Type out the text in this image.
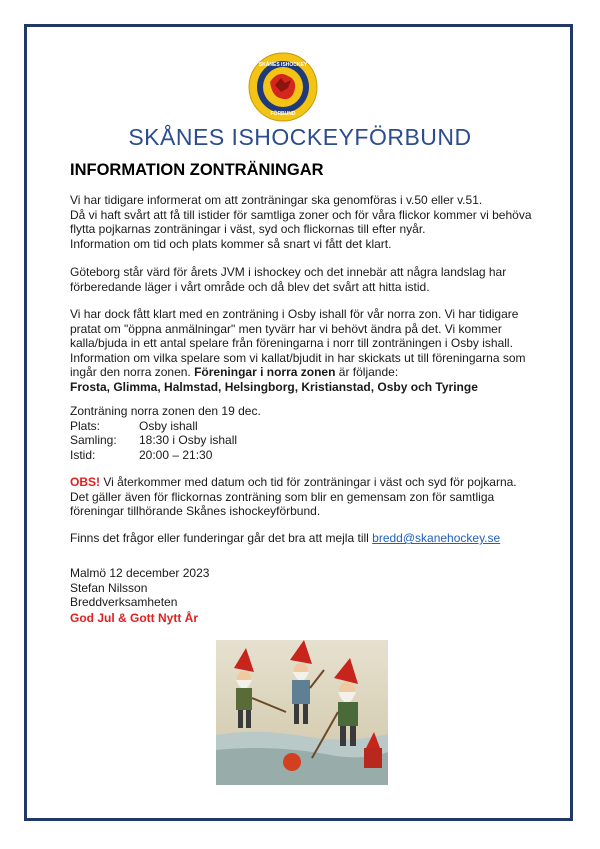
SKÅNES ISHOCKEY
FÖRBUND
SKÅNES ISHOCKEYFÖRBUND
INFORMATION ZONTRÄNINGAR

Vi har tidigare informerat om att zonträningar ska genomföras i v.50 eller v.51.

Då vi haft svårt att få till istider för samtliga zoner och för våra flickor kommer vi behöva

flytta pojkarnas zonträningar i väst, syd och flickornas till efter nyår.

Information om tid och plats kommer så snart vi fått det klart.

Göteborg står värd för årets JVM i ishockey och det innebär att några landslag har

förberedande läger i vårt område och då blev det svårt att hitta istid.

Vi har dock fått klart med en zonträning i Osby ishall för vår norra zon. Vi har tidigare

pratat om "öppna anmälningar" men tyvärr har vi behövt ändra på det. Vi kommer

kalla/bjuda in ett antal spelare från föreningarna i norr till zonträningen i Osby ishall.

Information om vilka spelare som vi kallat/bjudit in har skickats ut till föreningarna som

ingår den norra zonen. Föreningar i norra zonen är följande:

Frosta, Glimma, Halmstad, Helsingborg, Kristianstad, Osby och Tyringe

Zonträning norra zonen den 19 dec.

Plats:	Osby ishall
Samling:	18:30 i Osby ishall
Istid:	20:00 – 21:30

OBS! Vi återkommer med datum och tid för zonträningar i väst och syd för pojkarna.

Det gäller även för flickornas zonträning som blir en gemensam zon för samtliga

föreningar tillhörande Skånes ishockeyförbund.

Finns det frågor eller funderingar går det bra att mejla till bredd@skanehockey.se

Malmö 12 december 2023

Stefan Nilsson

Breddverksamheten

God Jul & Gott Nytt År
